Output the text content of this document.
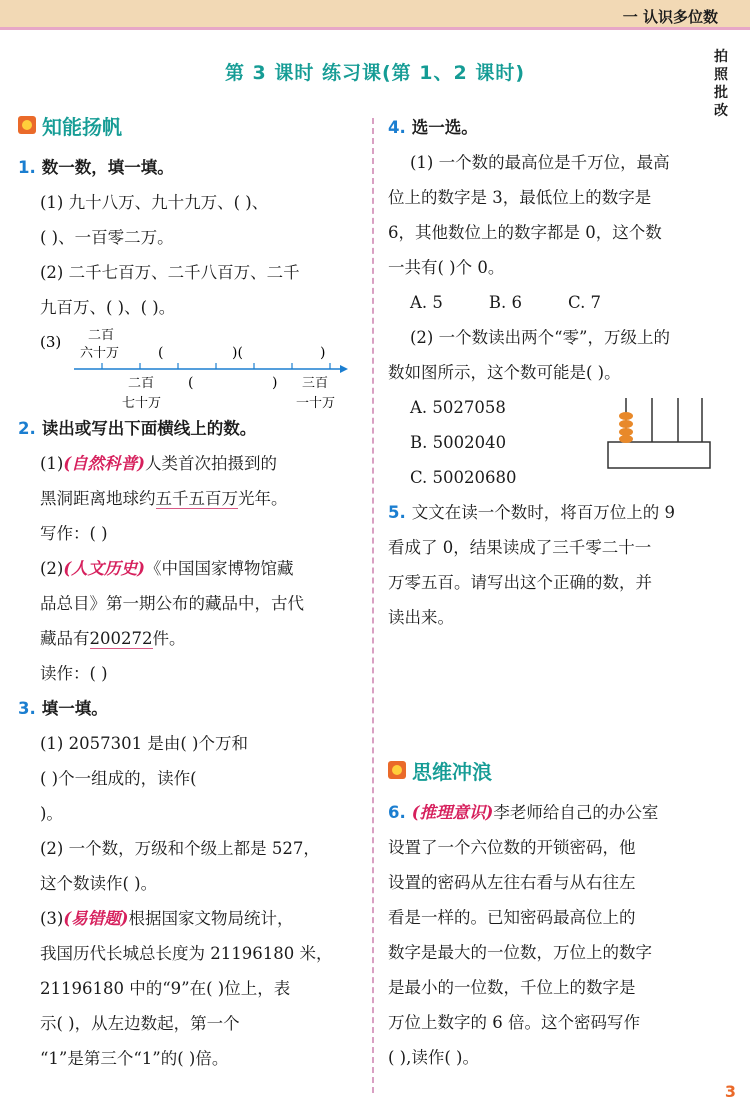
一 认识多位数
拍照批改
第 3 课时 练习课(第 1、2 课时)
知能扬帆
1. 数一数，填一填。
(1) 九十八万、九十九万、( )、
( )、一百零二万。
(2) 二千七百万、二千八百万、二千
九百万、( )、( )。
(3) 二百
六十万	(	)(	)
二百
七十万
(	) 三百
一十万
2. 读出或写出下面横线上的数。
(1)(自然科普)人类首次拍摄到的
黑洞距离地球约五千五百万光年。
写作：( )
(2)(人文历史)《中国国家博物馆藏
品总目》第一期公布的藏品中，古代
藏品有200272件。
读作：( )
3. 填一填。
(1) 2057301 是由( )个万和
( )个一组成的，读作(
)。
(2) 一个数，万级和个级上都是 527，
这个数读作( )。
(3)(易错题)根据国家文物局统计，
我国历代长城总长度为 21196180 米，
21196180 中的“9”在( )位上，表
示( )，从左边数起，第一个
“1”是第三个“1”的( )倍。
4. 选一选。
(1) 一个数的最高位是千万位，最高
位上的数字是 3，最低位上的数字是
6，其他数位上的数字都是 0，这个数
一共有( )个 0。
A. 5	B. 6	C. 7
(2) 一个数读出两个“零”，万级上的
数如图所示，这个数可能是( )。
A. 5027058
B. 5002040
C. 50020680
5. 文文在读一个数时，将百万位上的 9
看成了 0，结果读成了三千零二十一
万零五百。请写出这个正确的数，并
读出来。
思维冲浪
6. (推理意识)李老师给自己的办公室
设置了一个六位数的开锁密码，他
设置的密码从左往右看与从右往左
看是一样的。已知密码最高位上的
数字是最大的一位数，万位上的数字
是最小的一位数，千位上的数字是
万位上数字的 6 倍。这个密码写作
( ),读作( )。
3
